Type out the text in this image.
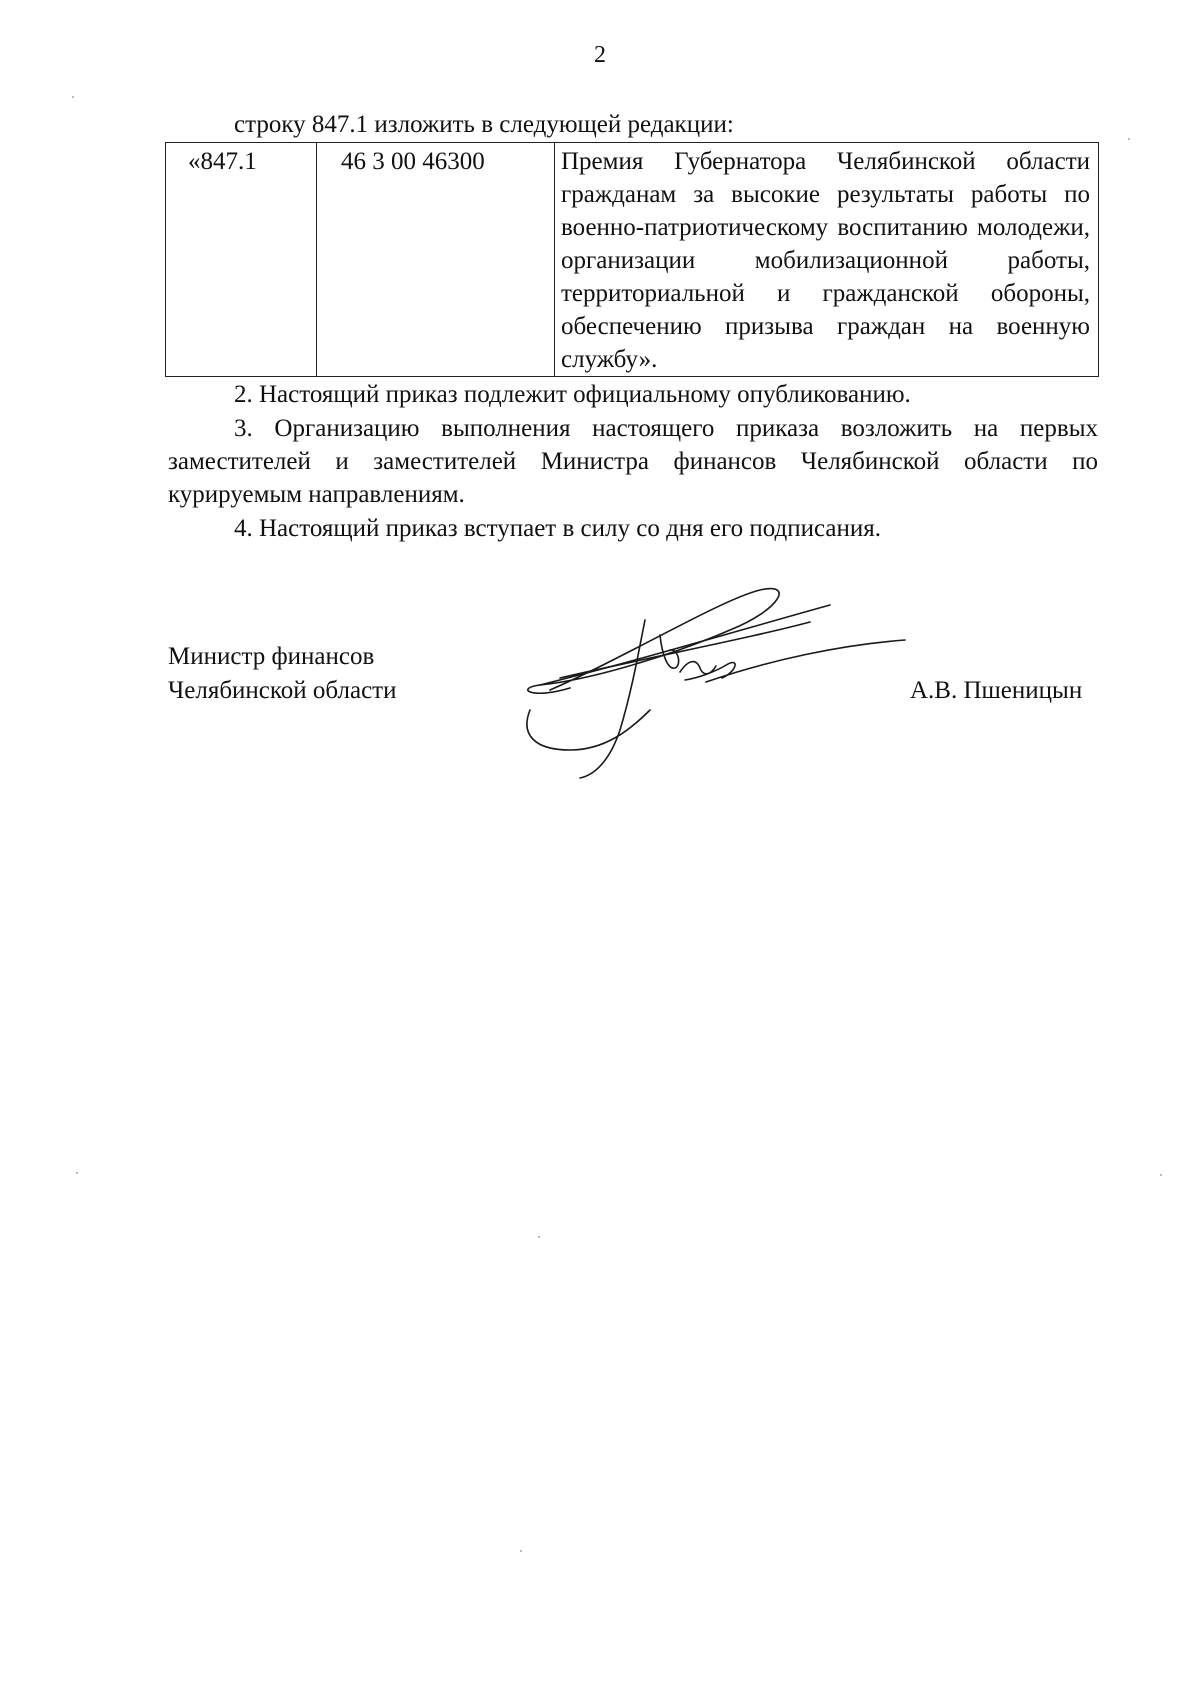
2
строку 847.1 изложить в следующей редакции:
«847.1	46 3 00 46300	Премия Губернатора Челябинской области гражданам за высокие результаты работы по военно-патриотическому воспитанию молодежи, организации мобилизационной работы, территориальной и гражданской обороны, обеспечению призыва граждан на военную службу».
2. Настоящий приказ подлежит официальному опубликованию.
3. Организацию выполнения настоящего приказа возложить на первых заместителей и заместителей Министра финансов Челябинской области по курируемым направлениям.
4. Настоящий приказ вступает в силу со дня его подписания.
Министр финансов
Челябинской области	А.В. Пшеницын
